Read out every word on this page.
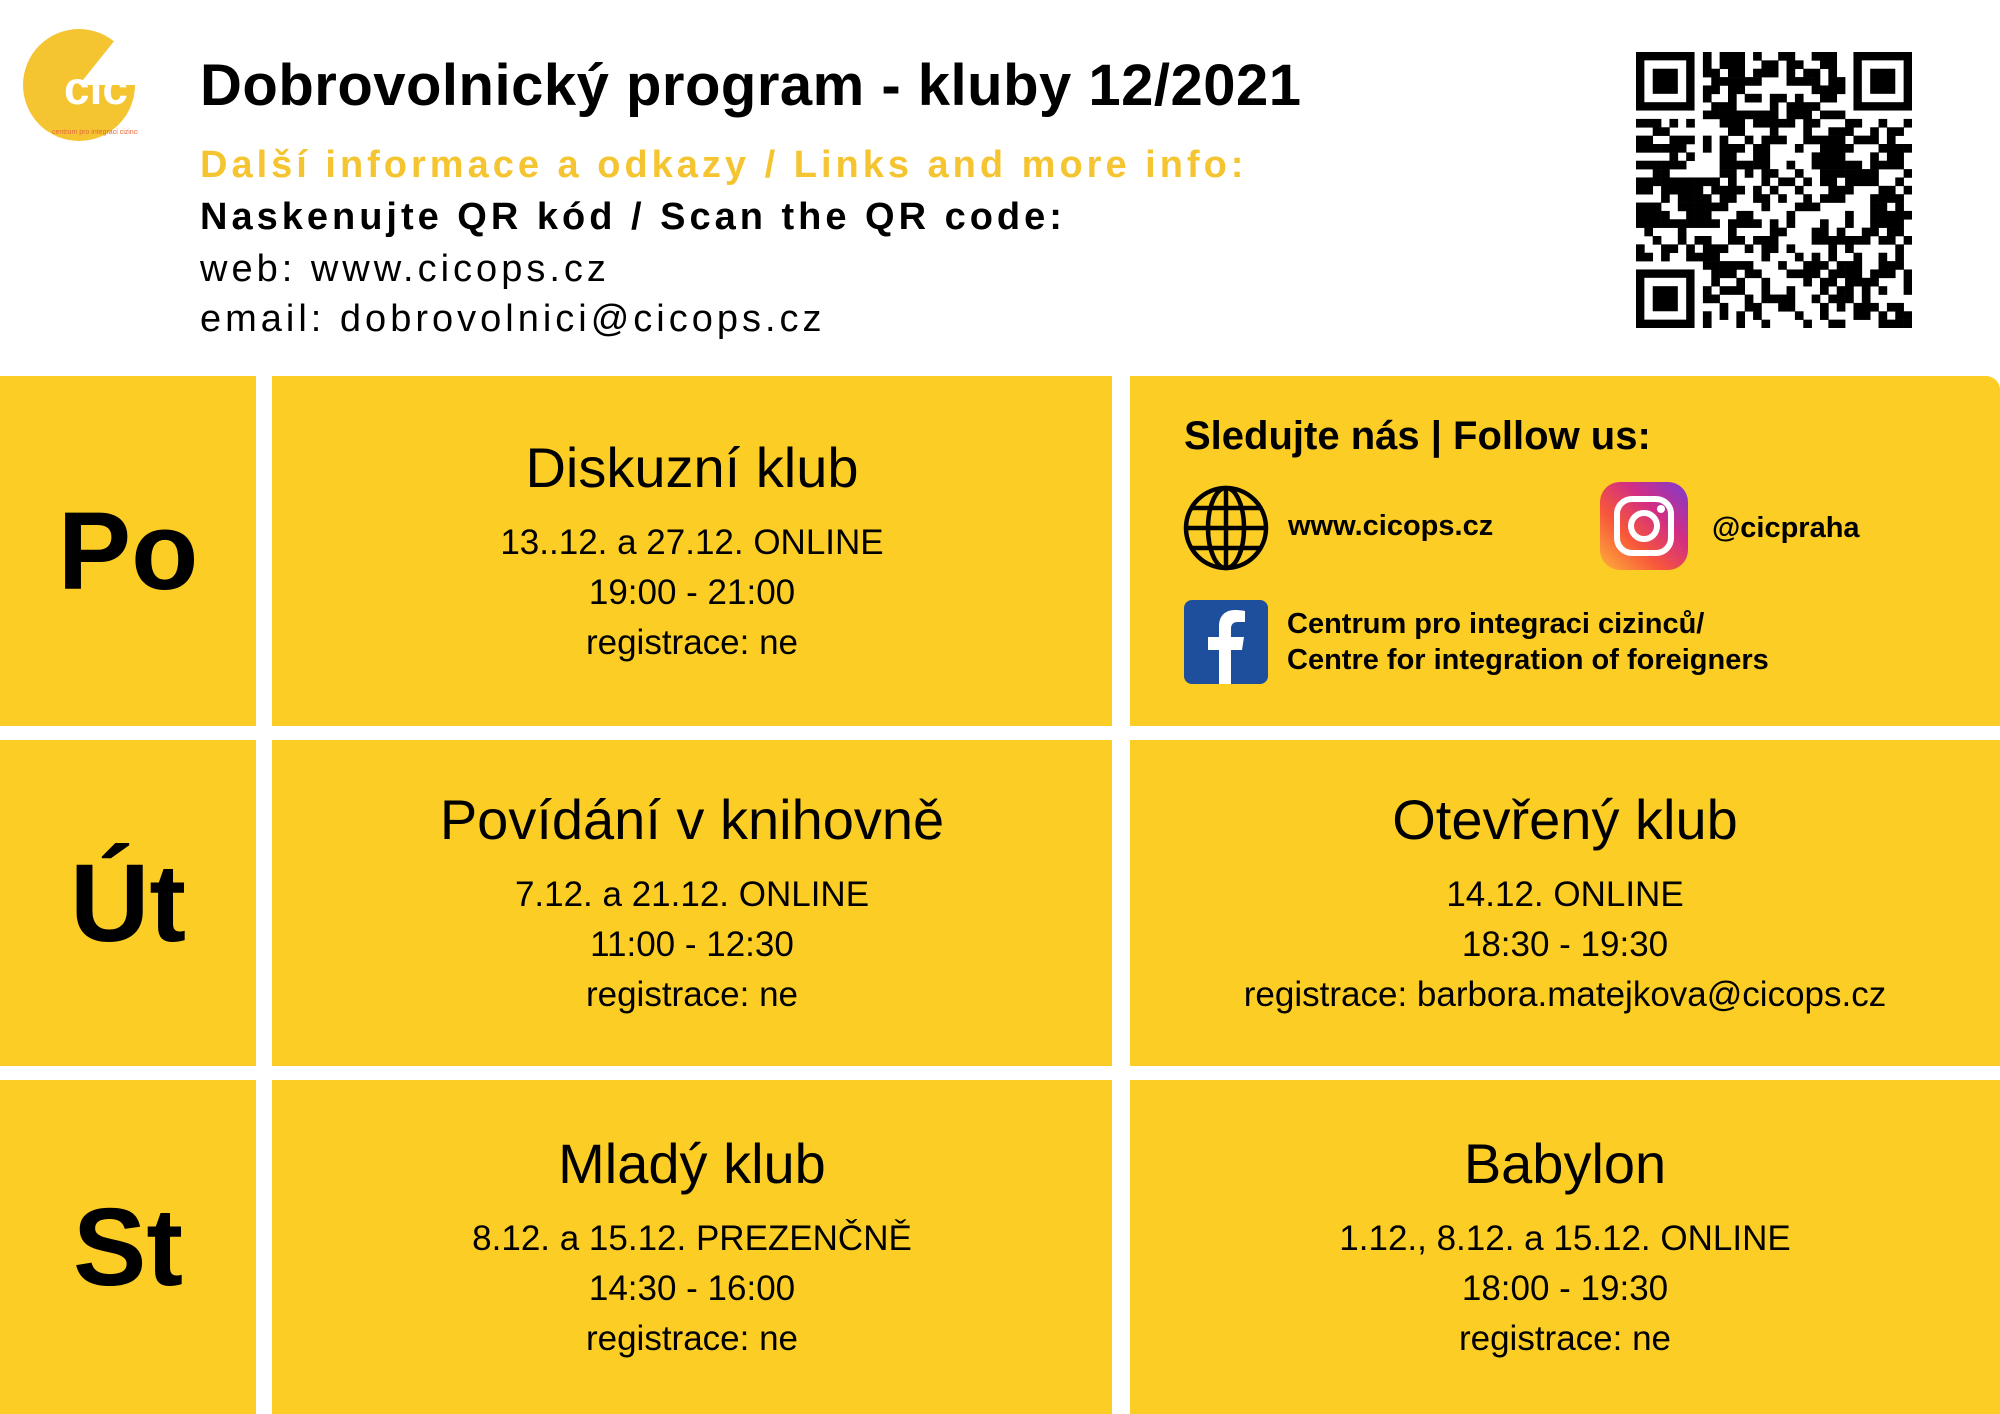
cic
centrum pro integraci cizinců
Dobrovolnický program - kluby 12/2021
Další informace a odkazy / Links and more info:
Naskenujte QR kód / Scan the QR code:
web: www.cicops.cz
email: dobrovolnici@cicops.cz
Po
Út
St
Diskuzní klub
13..12. a 27.12. ONLINE
19:00 - 21:00
registrace: ne
Povídání v knihovně
7.12. a 21.12. ONLINE
11:00 - 12:30
registrace: ne
Mladý klub
8.12. a 15.12. PREZENČNĚ
14:30 - 16:00
registrace: ne
Sledujte nás | Follow us:
www.cicops.cz	@cicpraha
Centrum pro integraci cizinců/
Centre for integration of foreigners
Otevřený klub
14.12. ONLINE
18:30 - 19:30
registrace: barbora.matejkova@cicops.cz
Babylon
1.12., 8.12. a 15.12. ONLINE
18:00 - 19:30
registrace: ne
